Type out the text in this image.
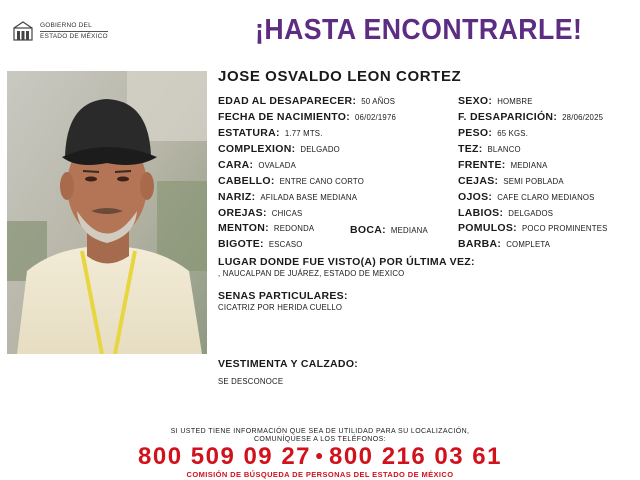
GOBIERNO DEL
ESTADO DE MÉXICO	¡HASTA ENCONTRARLE!
JOSE OSVALDO LEON CORTEZ
EDAD AL DESAPARECER: 50 AÑOS
FECHA DE NACIMIENTO: 06/02/1976
ESTATURA: 1.77 MTS.
COMPLEXION: DELGADO
CARA: OVALADA
CABELLO: ENTRE CANO CORTO
NARIZ: AFILADA BASE MEDIANA
OREJAS: CHICAS
MENTON: REDONDA	BOCA: MEDIANA
BIGOTE: ESCASO
SEXO: HOMBRE
F. DESAPARICIÓN: 28/06/2025
PESO: 65 KGS.
TEZ: BLANCO
FRENTE: MEDIANA
CEJAS: SEMI POBLADA
OJOS: CAFE CLARO MEDIANOS
LABIOS: DELGADOS
POMULOS: POCO PROMINENTES
BARBA: COMPLETA
LUGAR DONDE FUE VISTO(A) POR ÚLTIMA VEZ:
, NAUCALPAN DE JUÁREZ, ESTADO DE MEXICO
SENAS PARTICULARES:
CICATRIZ POR HERIDA CUELLO
VESTIMENTA Y CALZADO:
SE DESCONOCE
SI USTED TIENE INFORMACIÓN QUE SEA DE UTILIDAD PARA SU LOCALIZACIÓN,
COMUNÍQUESE A LOS TELÉFONOS:
800 509 09 27 ● 800 216 03 61
COMISIÓN DE BÚSQUEDA DE PERSONAS DEL ESTADO DE MÉXICO
